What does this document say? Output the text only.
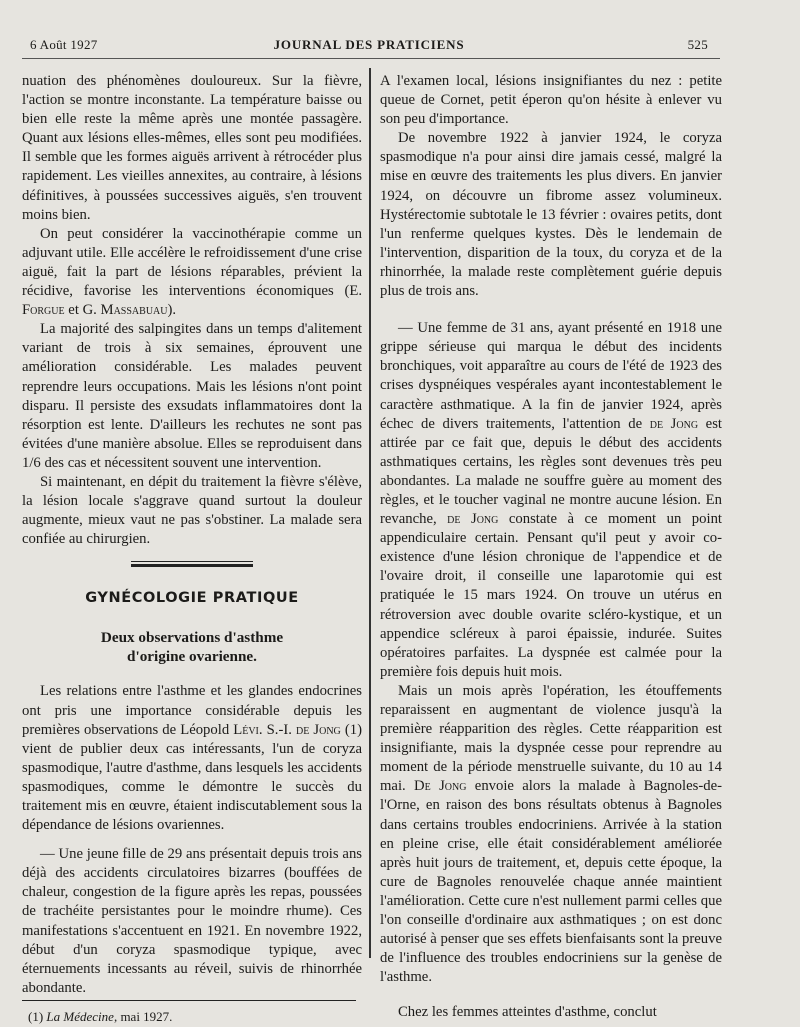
6 Août 1927	JOURNAL DES PRATICIENS	525

nuation des phénomènes douloureux. Sur la fièvre, l'action se montre inconstante. La température baisse ou bien elle reste la même après une montée passagère. Quant aux lésions elles-mêmes, elles sont peu modifiées. Il semble que les formes aiguës arrivent à rétrocéder plus rapidement. Les vieilles annexites, au contraire, à lésions définitives, à poussées successives aiguës, s'en trouvent moins bien.

On peut considérer la vaccinothérapie comme un adjuvant utile. Elle accélère le refroidissement d'une crise aiguë, fait la part de lésions réparables, prévient la récidive, favorise les interventions économiques (E. Forgue et G. Massabuau).

La majorité des salpingites dans un temps d'alitement variant de trois à six semaines, éprouvent une amélioration considérable. Les malades peuvent reprendre leurs occupations. Mais les lésions n'ont point disparu. Il persiste des exsudats inflammatoires dont la résorption est lente. D'ailleurs les rechutes ne sont pas évitées d'une manière absolue. Elles se reproduisent dans 1/6 des cas et nécessitent souvent une intervention.

Si maintenant, en dépit du traitement la fièvre s'élève, la lésion locale s'aggrave quand surtout la douleur augmente, mieux vaut ne pas s'obstiner. La malade sera confiée au chirurgien.

GYNÉCOLOGIE PRATIQUE
Deux observations d'asthme
d'origine ovarienne.

Les relations entre l'asthme et les glandes endocrines ont pris une importance considérable depuis les premières observations de Léopold Lévi. S.-I. de Jong (1) vient de publier deux cas intéressants, l'un de coryza spasmodique, l'autre d'asthme, dans lesquels les accidents spasmodiques, comme le démontre le succès du traitement mis en œuvre, étaient indiscutablement sous la dépendance de lésions ovariennes.

— Une jeune fille de 29 ans présentait depuis trois ans déjà des accidents circulatoires bizarres (bouffées de chaleur, congestion de la figure après les repas, poussées de trachéite persistantes pour le moindre rhume). Ces manifestations s'accentuent en 1921. En novembre 1922, début d'un coryza spasmodique typique, avec éternuements incessants au réveil, suivis de rhinorrhée abondante.

(1) La Médecine, mai 1927.

A l'examen local, lésions insignifiantes du nez : petite queue de Cornet, petit éperon qu'on hésite à enlever vu son peu d'importance.

De novembre 1922 à janvier 1924, le coryza spasmodique n'a pour ainsi dire jamais cessé, malgré la mise en œuvre des traitements les plus divers. En janvier 1924, on découvre un fibrome assez volumineux. Hystérectomie subtotale le 13 février : ovaires petits, dont l'un renferme quelques kystes. Dès le lendemain de l'intervention, disparition de la toux, du coryza et de la rhinorrhée, la malade reste complètement guérie depuis plus de trois ans.

— Une femme de 31 ans, ayant présenté en 1918 une grippe sérieuse qui marqua le début des incidents bronchiques, voit apparaître au cours de l'été de 1923 des crises dyspnéiques vespérales ayant incontestablement le caractère asthmatique. A la fin de janvier 1924, après échec de divers traitements, l'attention de de Jong est attirée par ce fait que, depuis le début des accidents asthmatiques certains, les règles sont devenues très peu abondantes. La malade ne souffre guère au moment des règles, et le toucher vaginal ne montre aucune lésion. En revanche, de Jong constate à ce moment un point appendiculaire certain. Pensant qu'il peut y avoir co-existence d'une lésion chronique de l'appendice et de l'ovaire droit, il conseille une laparotomie qui est pratiquée le 15 mars 1924. On trouve un utérus en rétroversion avec double ovarite scléro-kystique, et un appendice scléreux à paroi épaissie, indurée. Suites opératoires parfaites. La dyspnée est calmée pour la première fois depuis huit mois.

Mais un mois après l'opération, les étouffements reparaissent en augmentant de violence jusqu'à la première réapparition des règles. Cette réapparition est insignifiante, mais la dyspnée cesse pour reprendre au moment de la période menstruelle suivante, du 10 au 14 mai. De Jong envoie alors la malade à Bagnoles-de-l'Orne, en raison des bons résultats obtenus à Bagnoles dans certains troubles endocriniens. Arrivée à la station en pleine crise, elle était considérablement améliorée après huit jours de traitement, et, depuis cette époque, la cure de Bagnoles renouvelée chaque année maintient l'amélioration. Cette cure n'est nullement parmi celles que l'on conseille d'ordinaire aux asthmatiques ; on est donc autorisé à penser que ses effets bienfaisants sont la preuve de l'influence des troubles endocriniens sur la genèse de l'asthme.

Chez les femmes atteintes d'asthme, conclut
